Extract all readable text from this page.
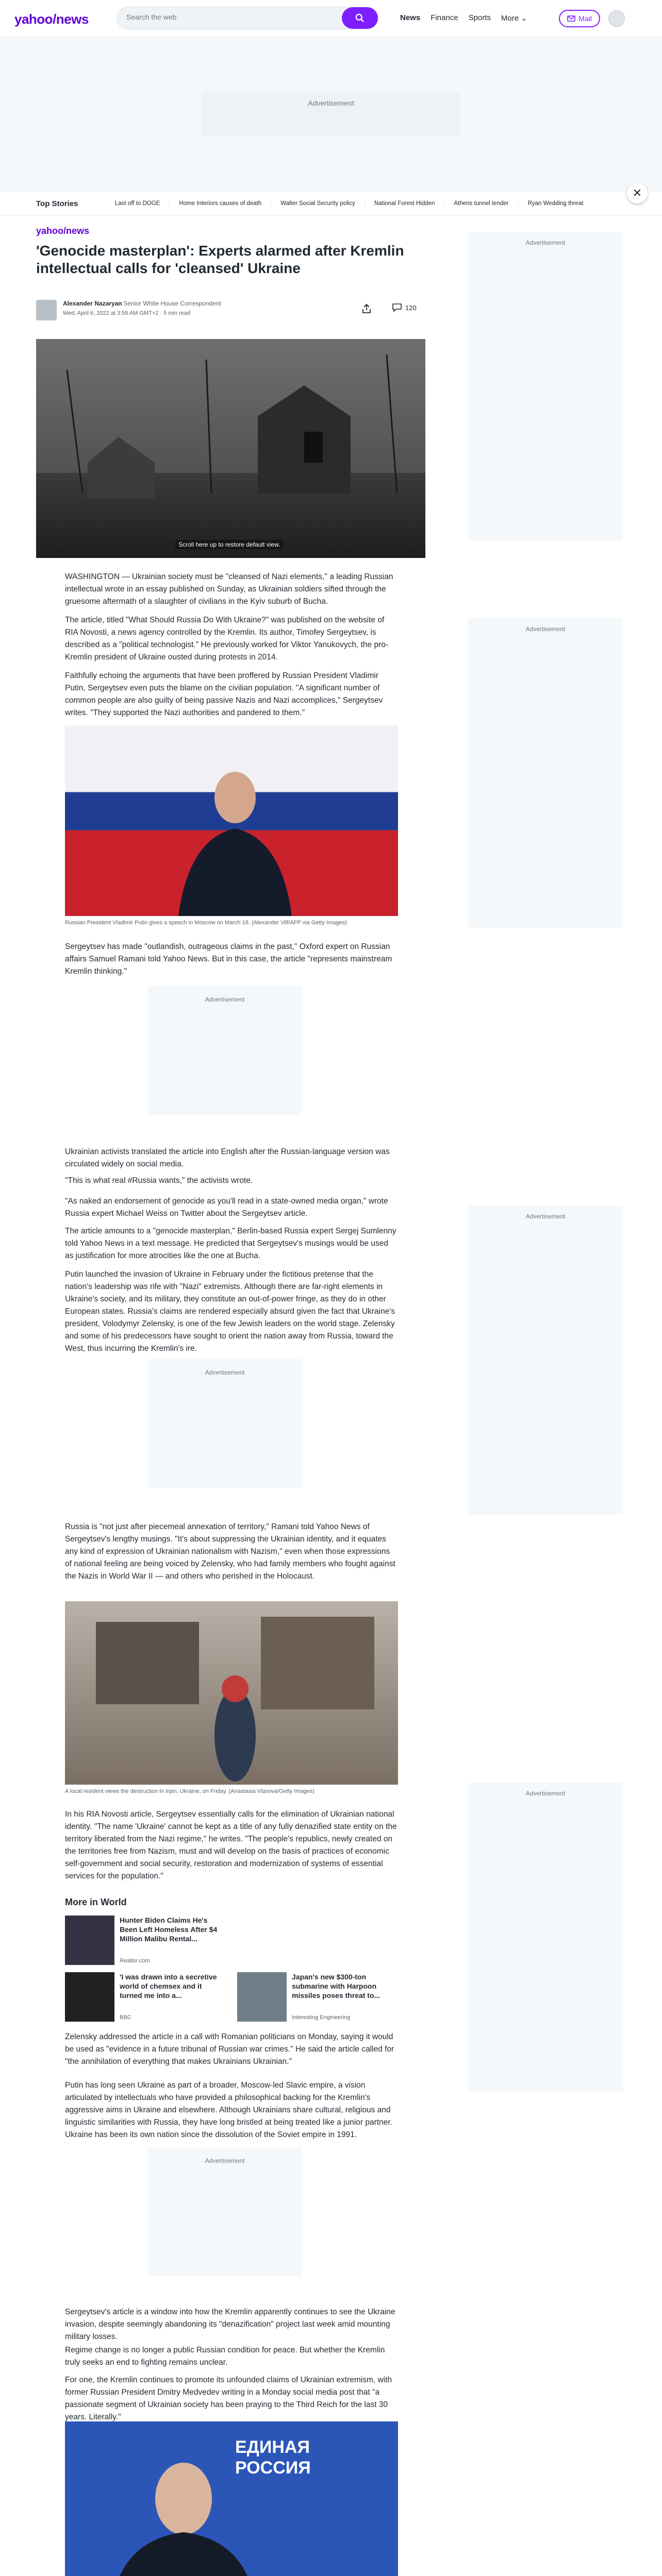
yahoo/news
Search the web	News Finance Sports More ⌄	Mail
Advertisement
Top Stories	Last off to DOGE	Home Interiors causes of death	Walter Social Security policy	National Forest Hidden	Athens tunnel tender	Ryan Wedding threat
✕
yahoo/news
'Genocide masterplan': Experts alarmed after Kremlin intellectual calls for 'cleansed' Ukraine
Alexander Nazaryan
· Senior White House Correspondent
Wed, April 6, 2022 at 3:58 AM GMT+2 · 5 min read
120
Scroll here up to restore default view.

WASHINGTON — Ukrainian society must be "cleansed of Nazi elements," a leading Russian intellectual wrote in an essay published on Sunday, as Ukrainian soldiers sifted through the gruesome aftermath of a slaughter of civilians in the Kyiv suburb of Bucha.

The article, titled "What Should Russia Do With Ukraine?" was published on the website of RIA Novosti, a news agency controlled by the Kremlin. Its author, Timofey Sergeytsev, is described as a "political technologist." He previously worked for Viktor Yanukovych, the pro-Kremlin president of Ukraine ousted during protests in 2014.

Faithfully echoing the arguments that have been proffered by Russian President Vladimir Putin, Sergeytsev even puts the blame on the civilian population. "A significant number of common people are also guilty of being passive Nazis and Nazi accomplices," Sergeytsev writes. "They supported the Nazi authorities and pandered to them."

Russian President Vladimir Putin gives a speech in Moscow on March 18. (Alexander Vilf/AFP via Getty Images)

Sergeytsev has made "outlandish, outrageous claims in the past," Oxford expert on Russian affairs Samuel Ramani told Yahoo News. But in this case, the article "represents mainstream Kremlin thinking."

Advertisement

Ukrainian activists translated the article into English after the Russian-language version was circulated widely on social media.

"This is what real #Russia wants," the activists wrote.

"As naked an endorsement of genocide as you'll read in a state-owned media organ," wrote Russia expert Michael Weiss on Twitter about the Sergeytsev article.

The article amounts to a "genocide masterplan," Berlin-based Russia expert Sergej Sumlenny told Yahoo News in a text message. He predicted that Sergeytsev's musings would be used as justification for more atrocities like the one at Bucha.

Putin launched the invasion of Ukraine in February under the fictitious pretense that the nation's leadership was rife with "Nazi" extremists. Although there are far-right elements in Ukraine's society, and its military, they constitute an out-of-power fringe, as they do in other European states. Russia's claims are rendered especially absurd given the fact that Ukraine's president, Volodymyr Zelensky, is one of the few Jewish leaders on the world stage. Zelensky and some of his predecessors have sought to orient the nation away from Russia, toward the West, thus incurring the Kremlin's ire.

Advertisement

Russia is "not just after piecemeal annexation of territory," Ramani told Yahoo News of Sergeytsev's lengthy musings. "It's about suppressing the Ukrainian identity, and it equates any kind of expression of Ukrainian nationalism with Nazism," even when those expressions of national feeling are being voiced by Zelensky, who had family members who fought against the Nazis in World War II — and others who perished in the Holocaust.

A local resident views the destruction in Irpin, Ukraine, on Friday. (Anastasia Vlasova/Getty Images)

In his RIA Novosti article, Sergeytsev essentially calls for the elimination of Ukrainian national identity. "The name 'Ukraine' cannot be kept as a title of any fully denazified state entity on the territory liberated from the Nazi regime," he writes. "The people's republics, newly created on the territories free from Nazism, must and will develop on the basis of practices of economic self-government and social security, restoration and modernization of systems of essential services for the population."

More in World
Hunter Biden Claims He's Been Left Homeless After $4 Million Malibu Rental...
Realtor.com
'I was drawn into a secretive world of chemsex and it turned me into a...
BBC
Japan's new $300-ton submarine with Harpoon missiles poses threat to...
Interesting Engineering

Zelensky addressed the article in a call with Romanian politicians on Monday, saying it would be used as "evidence in a future tribunal of Russian war crimes." He said the article called for "the annihilation of everything that makes Ukrainians Ukrainian."

Putin has long seen Ukraine as part of a broader, Moscow-led Slavic empire, a vision articulated by intellectuals who have provided a philosophical backing for the Kremlin's aggressive aims in Ukraine and elsewhere. Although Ukrainians share cultural, religious and linguistic similarities with Russia, they have long bristled at being treated like a junior partner. Ukraine has been its own nation since the dissolution of the Soviet empire in 1991.

Advertisement

Sergeytsev's article is a window into how the Kremlin apparently continues to see the Ukraine invasion, despite seemingly abandoning its "denazification" project last week amid mounting military losses.

Regime change is no longer a public Russian condition for peace. But whether the Kremlin truly seeks an end to fighting remains unclear.

For one, the Kremlin continues to promote its unfounded claims of Ukrainian extremism, with former Russian President Dmitry Medvedev writing in a Monday social media post that "a passionate segment of Ukrainian society has been praying to the Third Reich for the last 30 years. Literally."

ЕДИНАЯ РОССИЯ

Advertisement
Advertisement
Advertisement
Advertisement
